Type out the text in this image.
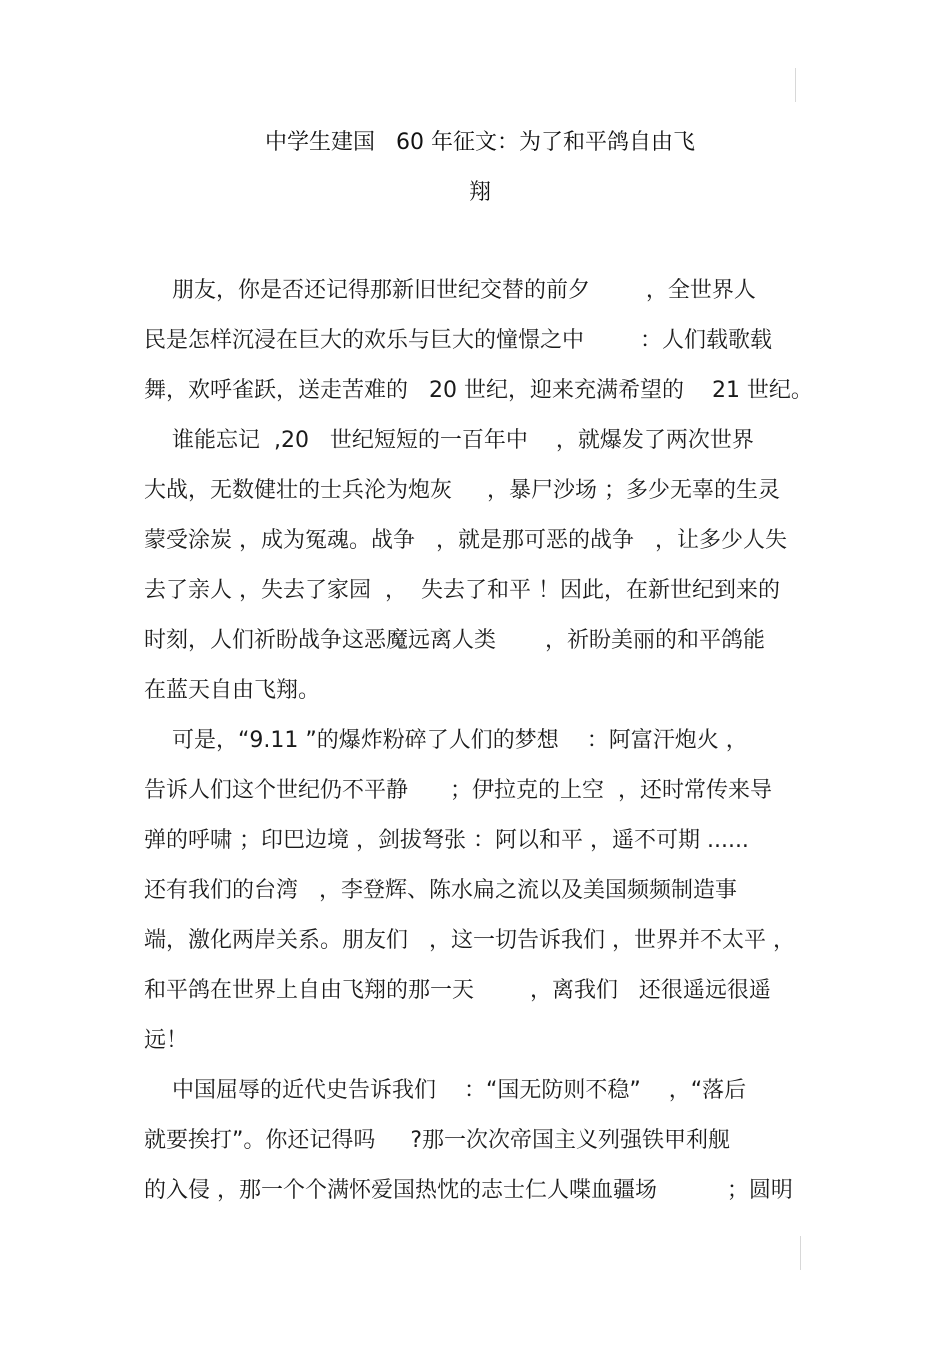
中学生建国   60 年征文：为了和平鸽自由飞
翔

朋友，你是否还记得那新旧世纪交替的前夕        ，全世界人
民是怎样沉浸在巨大的欢乐与巨大的憧憬之中        ：人们载歌载
舞，欢呼雀跃，送走苦难的   20 世纪，迎来充满希望的    21 世纪。

谁能忘记  ,20   世纪短短的一百年中    ，就爆发了两次世界
大战，无数健壮的士兵沦为炮灰     ，暴尸沙场 ；多少无辜的生灵
蒙受涂炭 ，成为冤魂。战争   ，就是那可恶的战争   ，让多少人失
去了亲人 ，失去了家园  ，  失去了和平 ！因此，在新世纪到来的
时刻，人们祈盼战争这恶魔远离人类       ，祈盼美丽的和平鸽能
在蓝天自由飞翔。

可是，“9.11 ”的爆炸粉碎了人们的梦想    ：阿富汗炮火 ，
告诉人们这个世纪仍不平静      ；伊拉克的上空  ，还时常传来导
弹的呼啸 ；印巴边境 ，剑拔弩张 ：阿以和平 ，遥不可期 ......
还有我们的台湾   ，李登辉、陈水扁之流以及美国频频制造事
端，激化两岸关系。朋友们   ，这一切告诉我们 ，世界并不太平 ，
和平鸽在世界上自由飞翔的那一天        ，离我们   还很遥远很遥
远！

中国屈辱的近代史告诉我们    ：“国无防则不稳”    ，“落后
就要挨打”。你还记得吗     ?那一次次帝国主义列强铁甲利舰
的入侵 ，那一个个满怀爱国热忱的志士仁人喋血疆场          ；圆明
